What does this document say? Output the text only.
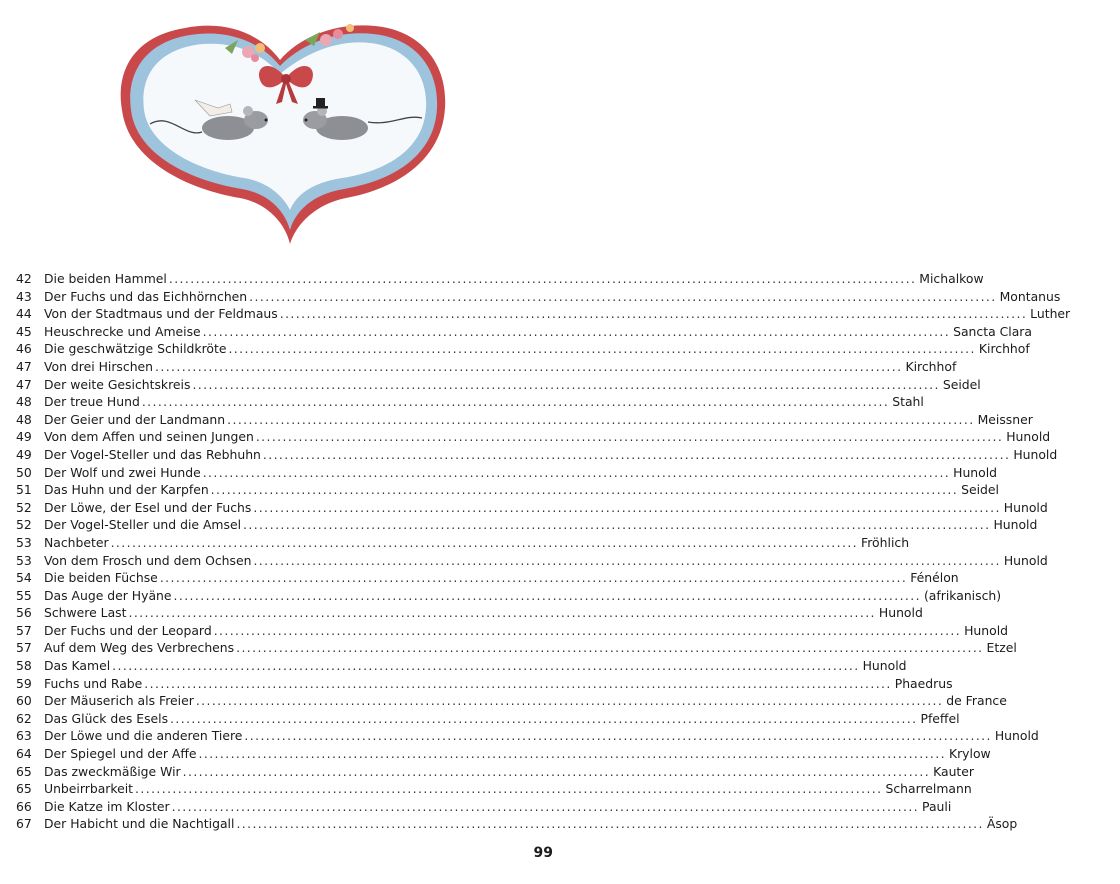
42 Die beiden Hammel ............................................................................................................................................ Michalkow
43 Der Fuchs und das Eichhörnchen ............................................................................................................................................ Montanus
44 Von der Stadtmaus und der Feldmaus ............................................................................................................................................ Luther
45 Heuschrecke und Ameise ............................................................................................................................................ Sancta Clara
46 Die geschwätzige Schildkröte ............................................................................................................................................ Kirchhof
47 Von drei Hirschen ............................................................................................................................................ Kirchhof
47 Der weite Gesichtskreis ............................................................................................................................................ Seidel
48 Der treue Hund ............................................................................................................................................ Stahl
48 Der Geier und der Landmann ............................................................................................................................................ Meissner
49 Von dem Affen und seinen Jungen ............................................................................................................................................ Hunold
49 Der Vogel-Steller und das Rebhuhn ............................................................................................................................................ Hunold
50 Der Wolf und zwei Hunde ............................................................................................................................................ Hunold
51 Das Huhn und der Karpfen ............................................................................................................................................ Seidel
52 Der Löwe, der Esel und der Fuchs ............................................................................................................................................ Hunold
52 Der Vogel-Steller und die Amsel ............................................................................................................................................ Hunold
53 Nachbeter ............................................................................................................................................ Fröhlich
53 Von dem Frosch und dem Ochsen ............................................................................................................................................ Hunold
54 Die beiden Füchse ............................................................................................................................................ Fénélon
55 Das Auge der Hyäne ............................................................................................................................................ (afrikanisch)
56 Schwere Last ............................................................................................................................................ Hunold
57 Der Fuchs und der Leopard ............................................................................................................................................ Hunold
57 Auf dem Weg des Verbrechens ............................................................................................................................................ Etzel
58 Das Kamel ............................................................................................................................................ Hunold
59 Fuchs und Rabe ............................................................................................................................................ Phaedrus
60 Der Mäuserich als Freier ............................................................................................................................................ de France
62 Das Glück des Esels ............................................................................................................................................ Pfeffel
63 Der Löwe und die anderen Tiere ............................................................................................................................................ Hunold
64 Der Spiegel und der Affe ............................................................................................................................................ Krylow
65 Das zweckmäßige Wir ............................................................................................................................................ Kauter
65 Unbeirrbarkeit ............................................................................................................................................ Scharrelmann
66 Die Katze im Kloster ............................................................................................................................................ Pauli
67 Der Habicht und die Nachtigall ............................................................................................................................................ Äsop
99
